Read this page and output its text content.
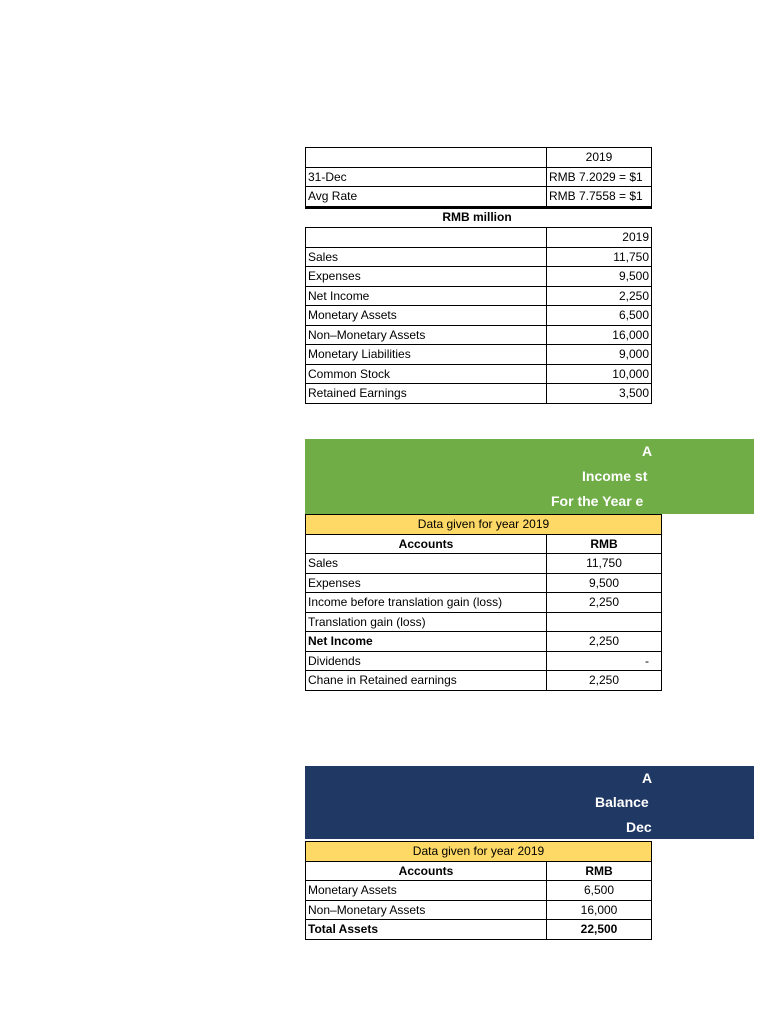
	2019
31-Dec	RMB 7.2029 = $1
Avg Rate	RMB 7.7558 = $1
RMB million
	2019
Sales	11,750
Expenses	9,500
Net Income	2,250
Monetary Assets	6,500
Non–Monetary Assets	16,000
Monetary Liabilities	9,000
Common Stock	10,000
Retained Earnings	3,500
A
Income st
For the Year e
Data given for year 2019	
Accounts	RMB
Sales	11,750
Expenses	9,500
Income before translation gain (loss)	2,250
Translation gain (loss)	
Net Income	2,250
Dividends	-
Chane in Retained earnings	2,250
A
Balance
Dec
Data given for year 2019	
Accounts	RMB
Monetary Assets	6,500
Non–Monetary Assets	16,000
Total Assets	22,500
